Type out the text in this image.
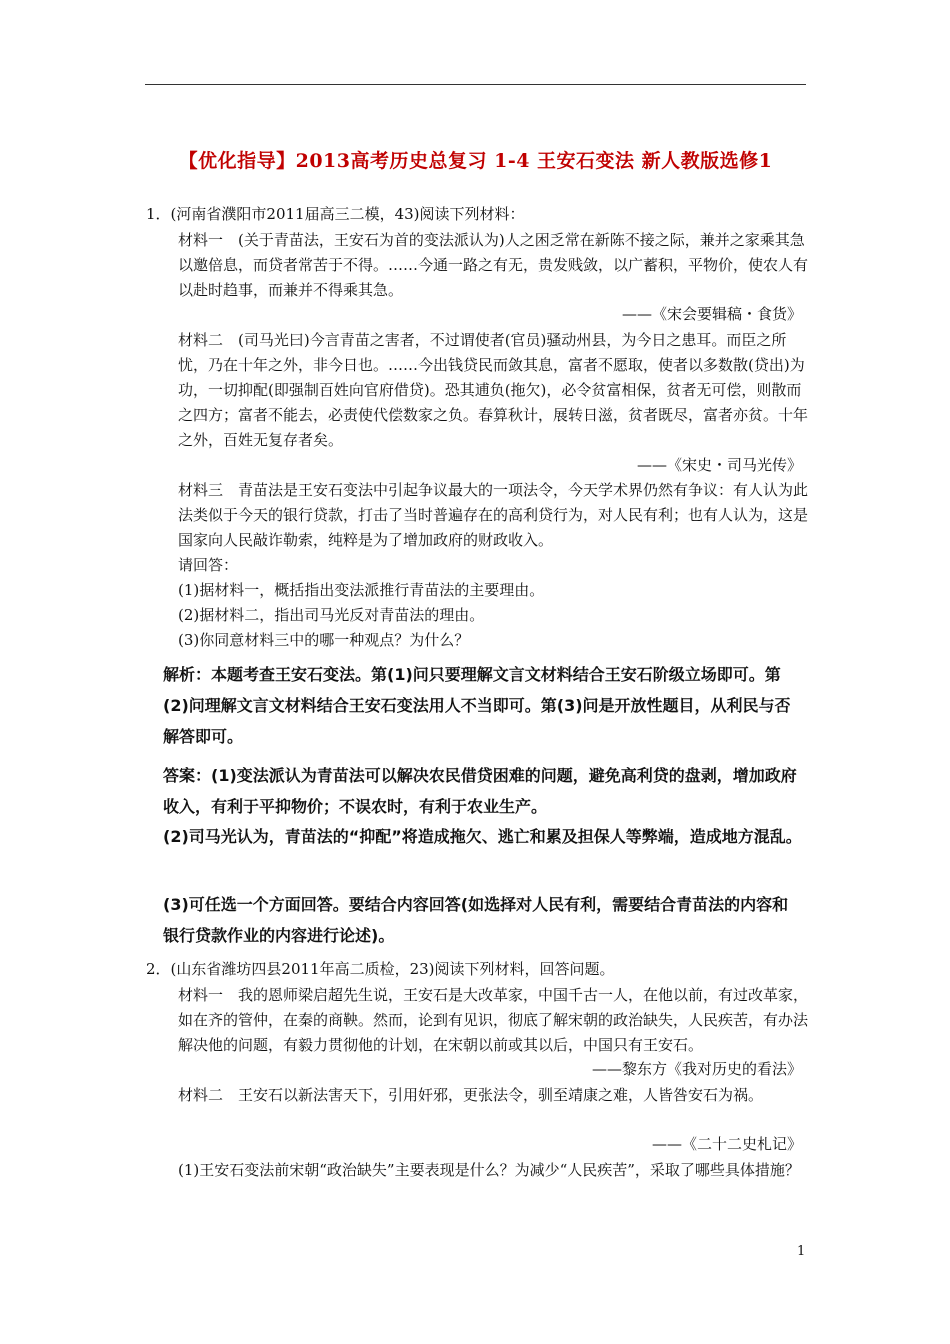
【优化指导】2013高考历史总复习 1-4 王安石变法 新人教版选修1
1．(河南省濮阳市2011届高三二模，43)阅读下列材料：
材料一　(关于青苗法，王安石为首的变法派认为)人之困乏常在新陈不接之际，兼并之家乘其急以邀倍息，而贷者常苦于不得。……今通一路之有无，贵发贱敛，以广蓄积，平物价，使农人有以赴时趋事，而兼并不得乘其急。
——《宋会要辑稿・食货》
材料二　(司马光曰)今言青苗之害者，不过谓使者(官员)骚动州县，为今日之患耳。而臣之所忧，乃在十年之外，非今日也。……今出钱贷民而敛其息，富者不愿取，使者以多数散(贷出)为功，一切抑配(即强制百姓向官府借贷)。恐其逋负(拖欠)，必令贫富相保，贫者无可偿，则散而之四方；富者不能去，必责使代偿数家之负。春算秋计，展转日滋，贫者既尽，富者亦贫。十年之外，百姓无复存者矣。
——《宋史・司马光传》
材料三　青苗法是王安石变法中引起争议最大的一项法令，今天学术界仍然有争议：有人认为此法类似于今天的银行贷款，打击了当时普遍存在的高利贷行为，对人民有利；也有人认为，这是国家向人民敲诈勒索，纯粹是为了增加政府的财政收入。
请回答：
(1)据材料一，概括指出变法派推行青苗法的主要理由。
(2)据材料二，指出司马光反对青苗法的理由。
(3)你同意材料三中的哪一种观点？为什么？
解析：本题考查王安石变法。第(1)问只要理解文言文材料结合王安石阶级立场即可。第(2)问理解文言文材料结合王安石变法用人不当即可。第(3)问是开放性题目，从利民与否解答即可。
答案：(1)变法派认为青苗法可以解决农民借贷困难的问题，避免高利贷的盘剥，增加政府收入，有利于平抑物价；不误农时，有利于农业生产。
(2)司马光认为，青苗法的“抑配”将造成拖欠、逃亡和累及担保人等弊端，造成地方混乱。
(3)可任选一个方面回答。要结合内容回答(如选择对人民有利，需要结合青苗法的内容和银行贷款作业的内容进行论述)。
2．(山东省潍坊四县2011年高二质检，23)阅读下列材料，回答问题。
材料一　我的恩师梁启超先生说，王安石是大改革家，中国千古一人，在他以前，有过改革家，如在齐的管仲，在秦的商鞅。然而，论到有见识，彻底了解宋朝的政治缺失，人民疾苦，有办法解决他的问题，有毅力贯彻他的计划，在宋朝以前或其以后，中国只有王安石。
——黎东方《我对历史的看法》
材料二　王安石以新法害天下，引用奸邪，更张法令，驯至靖康之难，人皆咎安石为祸。
——《二十二史札记》
(1)王安石变法前宋朝“政治缺失”主要表现是什么？为减少“人民疾苦”，采取了哪些具体措施？
1
